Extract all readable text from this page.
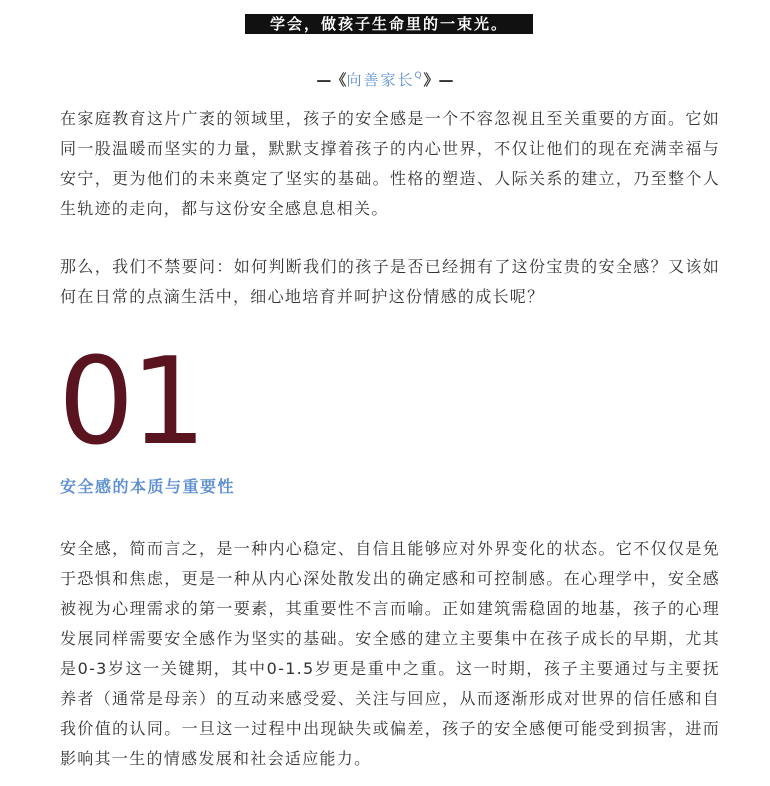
学会，做孩子生命里的一束光。
—《向善家长$^Q$》—

在家庭教育这片广袤的领域里，孩子的安全感是一个不容忽视且至关重要的方面。它如同一股温暖而坚实的力量，默默支撑着孩子的内心世界，不仅让他们的现在充满幸福与安宁，更为他们的未来奠定了坚实的基础。性格的塑造、人际关系的建立，乃至整个人生轨迹的走向，都与这份安全感息息相关。

那么，我们不禁要问：如何判断我们的孩子是否已经拥有了这份宝贵的安全感？又该如何在日常的点滴生活中，细心地培育并呵护这份情感的成长呢？

01
安全感的本质与重要性

安全感，简而言之，是一种内心稳定、自信且能够应对外界变化的状态。它不仅仅是免于恐惧和焦虑，更是一种从内心深处散发出的确定感和可控制感。在心理学中，安全感被视为心理需求的第一要素，其重要性不言而喻。正如建筑需稳固的地基，孩子的心理发展同样需要安全感作为坚实的基础。安全感的建立主要集中在孩子成长的早期，尤其是0-3岁这一关键期，其中0-1.5岁更是重中之重。这一时期，孩子主要通过与主要抚养者（通常是母亲）的互动来感受爱、关注与回应，从而逐渐形成对世界的信任感和自我价值的认同。一旦这一过程中出现缺失或偏差，孩子的安全感便可能受到损害，进而影响其一生的情感发展和社会适应能力。
